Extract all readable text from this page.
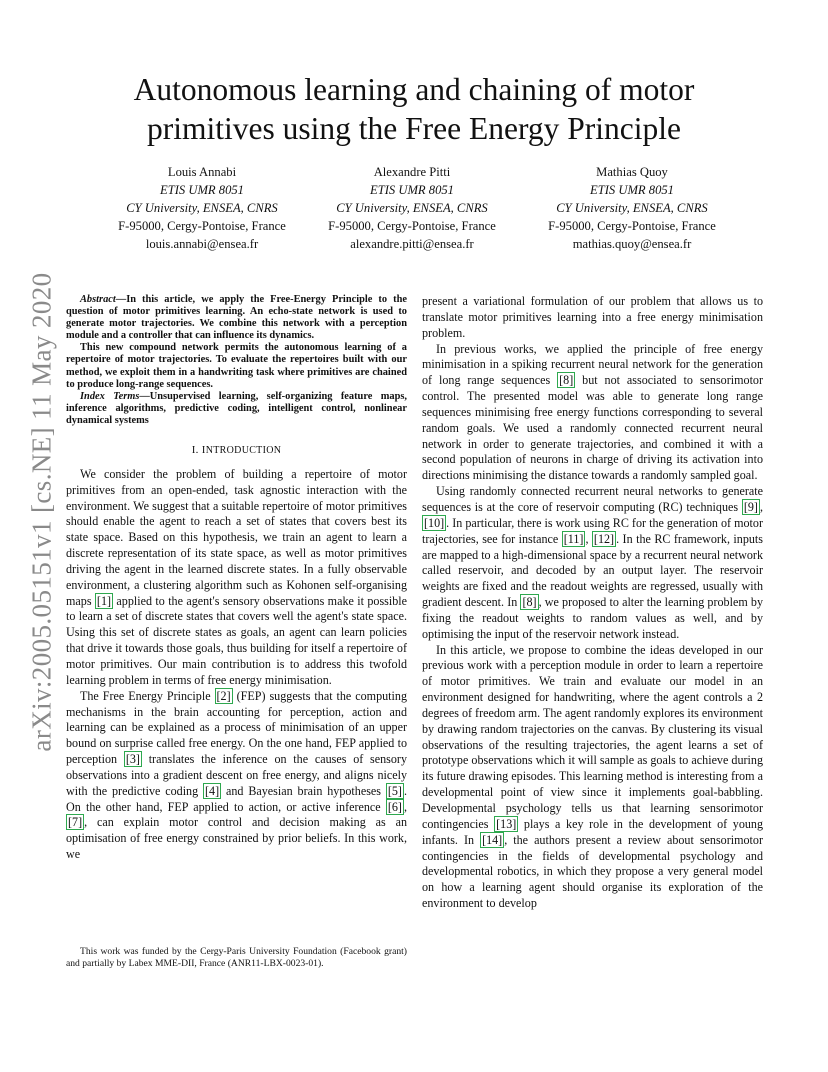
arXiv:2005.05151v1 [cs.NE] 11 May 2020
Autonomous learning and chaining of motor
primitives using the Free Energy Principle
Louis Annabi
ETIS UMR 8051
CY University, ENSEA, CNRS
F-95000, Cergy-Pontoise, France
louis.annabi@ensea.fr
Alexandre Pitti
ETIS UMR 8051
CY University, ENSEA, CNRS
F-95000, Cergy-Pontoise, France
alexandre.pitti@ensea.fr
Mathias Quoy
ETIS UMR 8051
CY University, ENSEA, CNRS
F-95000, Cergy-Pontoise, France
mathias.quoy@ensea.fr

Abstract—In this article, we apply the Free-Energy Principle to the question of motor primitives learning. An echo-state network is used to generate motor trajectories. We combine this network with a perception module and a controller that can influence its dynamics.

This new compound network permits the autonomous learning of a repertoire of motor trajectories. To evaluate the repertoires built with our method, we exploit them in a handwriting task where primitives are chained to produce long-range sequences.

Index Terms—Unsupervised learning, self-organizing feature maps, inference algorithms, predictive coding, intelligent control, nonlinear dynamical systems

I. INTRODUCTION

We consider the problem of building a repertoire of motor primitives from an open-ended, task agnostic interaction with the environment. We suggest that a suitable repertoire of motor primitives should enable the agent to reach a set of states that covers best its state space. Based on this hypothesis, we train an agent to learn a discrete representation of its state space, as well as motor primitives driving the agent in the learned discrete states. In a fully observable environment, a clustering algorithm such as Kohonen self-organising maps [1] applied to the agent's sensory observations make it possible to learn a set of discrete states that covers well the agent's state space. Using this set of discrete states as goals, an agent can learn policies that drive it towards those goals, thus building for itself a repertoire of motor primitives. Our main contribution is to address this twofold learning problem in terms of free energy minimisation.

The Free Energy Principle [2] (FEP) suggests that the computing mechanisms in the brain accounting for perception, action and learning can be explained as a process of minimisation of an upper bound on surprise called free energy. On the one hand, FEP applied to perception [3] translates the inference on the causes of sensory observations into a gradient descent on free energy, and aligns nicely with the predictive coding [4] and Bayesian brain hypotheses [5] . On the other hand, FEP applied to action, or active inference [6] , [7] , can explain motor control and decision making as an optimisation of free energy constrained by prior beliefs. In this work, we

This work was funded by the Cergy-Paris University Foundation (Facebook grant) and partially by Labex MME-DII, France (ANR11-LBX-0023-01).

present a variational formulation of our problem that allows us to translate motor primitives learning into a free energy minimisation problem.

In previous works, we applied the principle of free energy minimisation in a spiking recurrent neural network for the generation of long range sequences [8] but not associated to sensorimotor control. The presented model was able to generate long range sequences minimising free energy functions corresponding to several random goals. We used a randomly connected recurrent neural network in order to generate trajectories, and combined it with a second population of neurons in charge of driving its activation into directions minimising the distance towards a randomly sampled goal.

Using randomly connected recurrent neural networks to generate sequences is at the core of reservoir computing (RC) techniques [9] , [10] . In particular, there is work using RC for the generation of motor trajectories, see for instance [11] , [12] . In the RC framework, inputs are mapped to a high-dimensional space by a recurrent neural network called reservoir, and decoded by an output layer. The reservoir weights are fixed and the readout weights are regressed, usually with gradient descent. In [8] , we proposed to alter the learning problem by fixing the readout weights to random values as well, and by optimising the input of the reservoir network instead.

In this article, we propose to combine the ideas developed in our previous work with a perception module in order to learn a repertoire of motor primitives. We train and evaluate our model in an environment designed for handwriting, where the agent controls a 2 degrees of freedom arm. The agent randomly explores its environment by drawing random trajectories on the canvas. By clustering its visual observations of the resulting trajectories, the agent learns a set of prototype observations which it will sample as goals to achieve during its future drawing episodes. This learning method is interesting from a developmental point of view since it implements goal-babbling. Developmental psychology tells us that learning sensorimotor contingencies [13] plays a key role in the development of young infants. In [14] , the authors present a review about sensorimotor contingencies in the fields of developmental psychology and developmental robotics, in which they propose a very general model on how a learning agent should organise its exploration of the environment to develop
